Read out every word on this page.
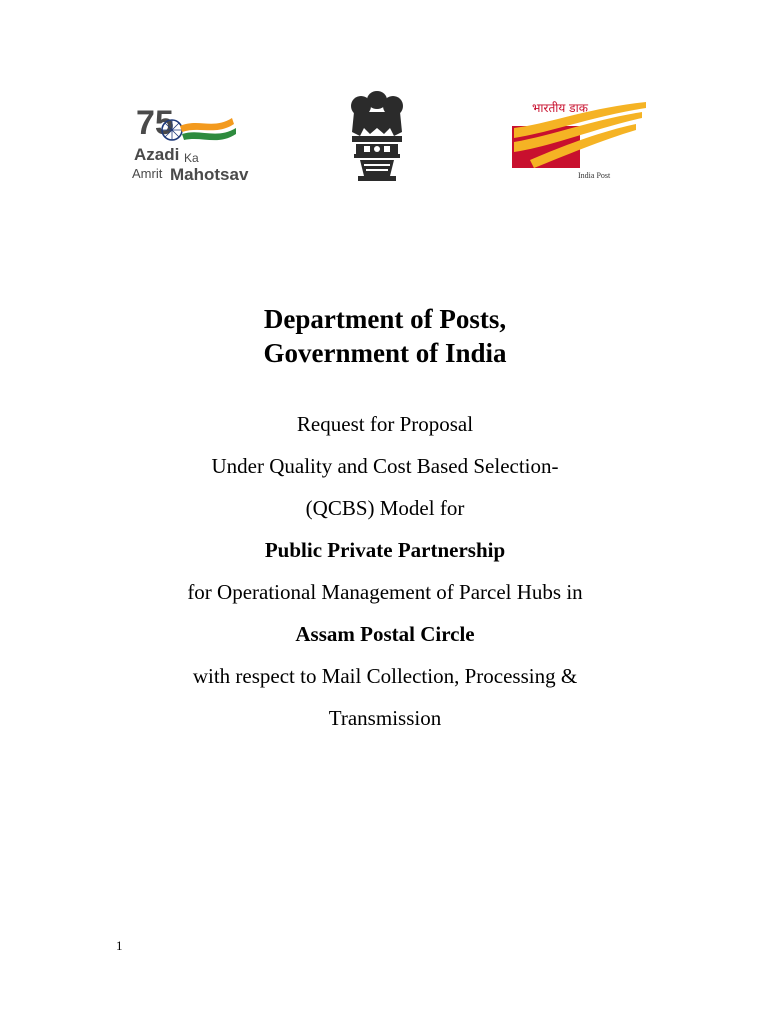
75
Azadi Ka
Amrit Mahotsav
भारतीय डाक
India Post
Department of Posts,
Government of India
Request for Proposal
Under Quality and Cost Based Selection-
(QCBS) Model for
Public Private Partnership
for Operational Management of Parcel Hubs in
Assam Postal Circle
with respect to Mail Collection, Processing &
Transmission
1
